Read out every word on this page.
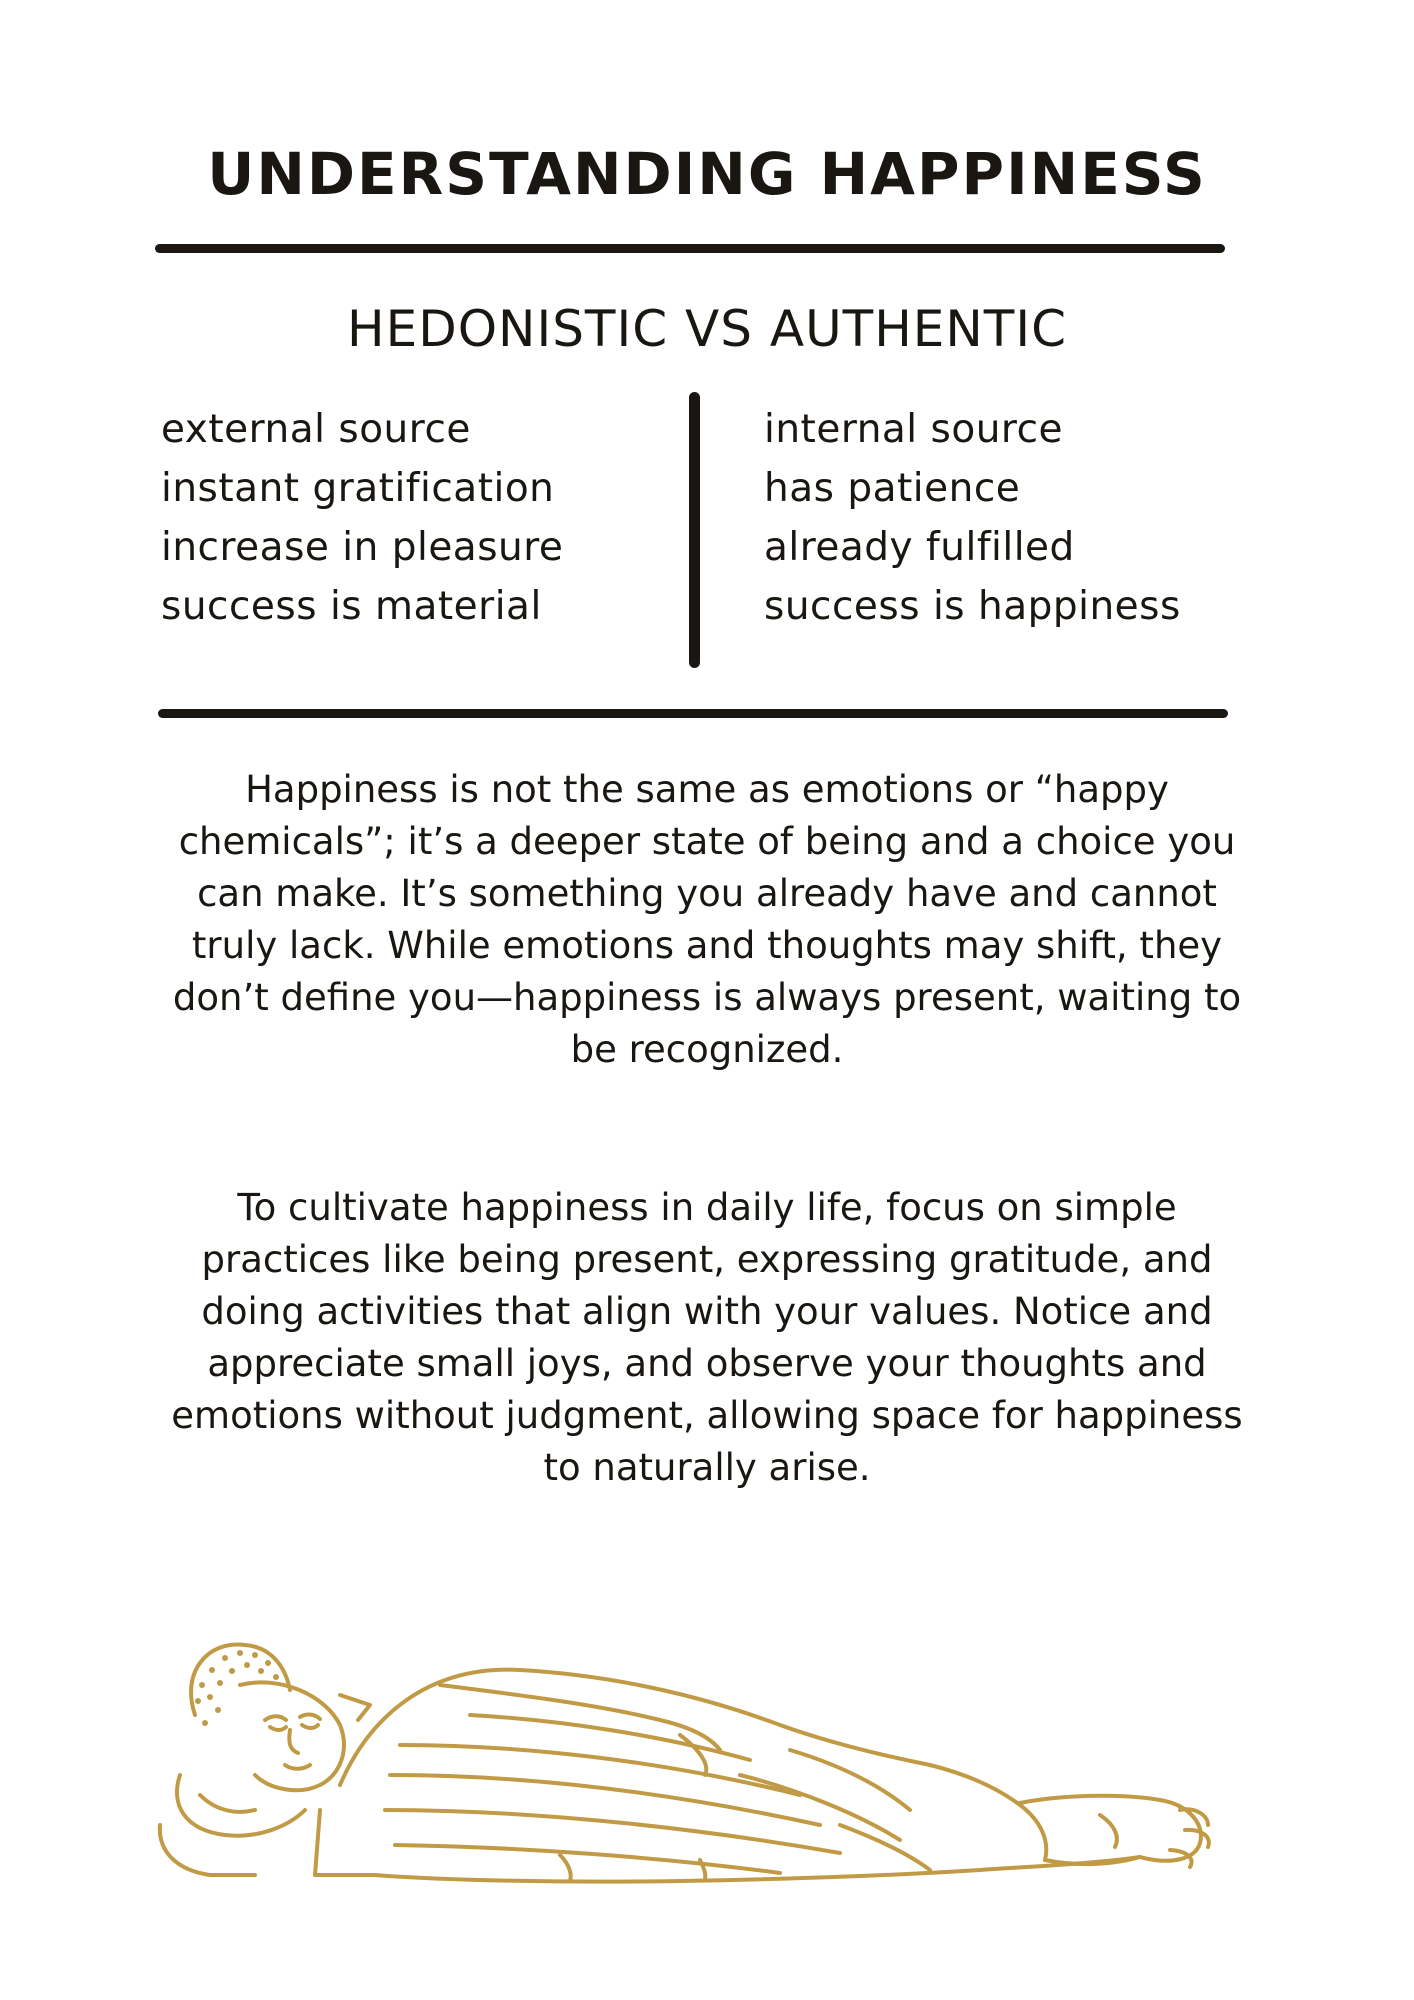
UNDERSTANDING HAPPINESS
HEDONISTIC VS AUTHENTIC
external source
instant gratification
increase in pleasure
success is material
internal source
has patience
already fulfilled
success is happiness

Happiness is not the same as emotions or “happy chemicals”; it’s a deeper state of being and a choice you can make. It’s something you already have and cannot truly lack. While emotions and thoughts may shift, they don’t define you—happiness is always present, waiting to be recognized.

To cultivate happiness in daily life, focus on simple practices like being present, expressing gratitude, and doing activities that align with your values. Notice and appreciate small joys, and observe your thoughts and emotions without judgment, allowing space for happiness to naturally arise.
